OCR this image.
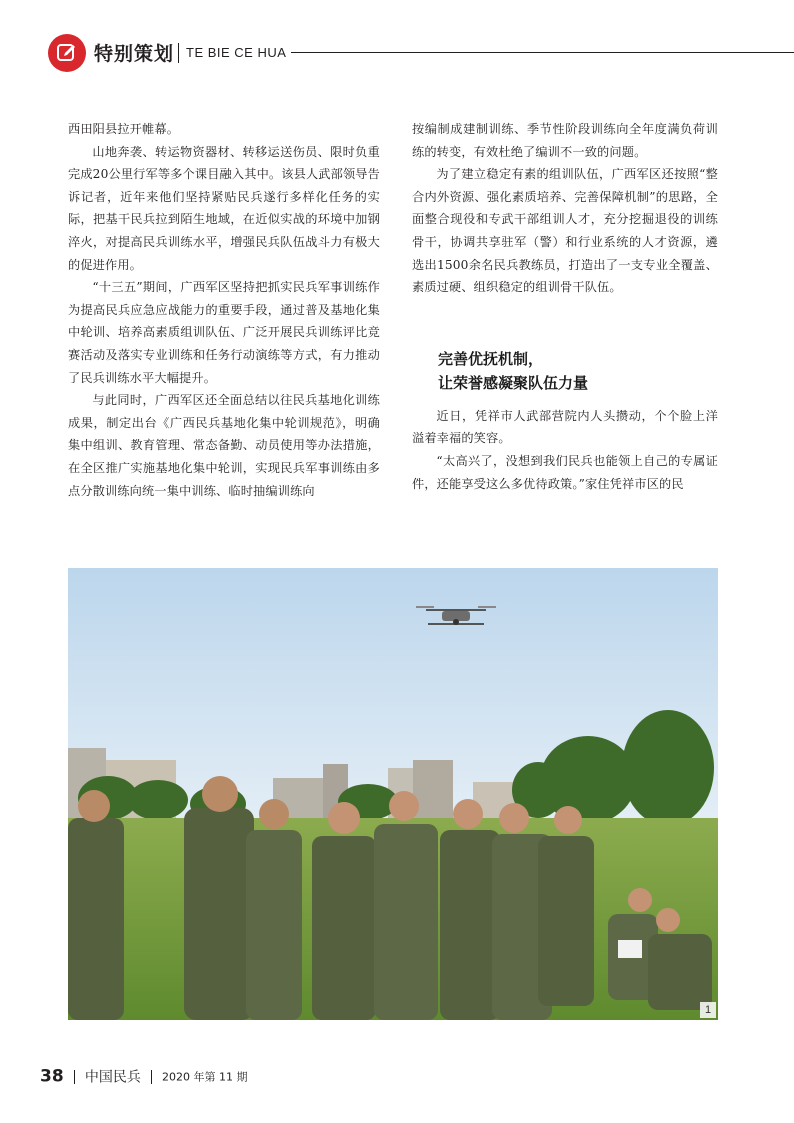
特别策划 TE BIE CE HUA

西田阳县拉开帷幕。

山地奔袭、转运物资器材、转移运送伤员、限时负重完成20公里行军等多个课目融入其中。该县人武部领导告诉记者，近年来他们坚持紧贴民兵遂行多样化任务的实际，把基干民兵拉到陌生地域，在近似实战的环境中加钢淬火，对提高民兵训练水平，增强民兵队伍战斗力有极大的促进作用。

“十三五”期间，广西军区坚持把抓实民兵军事训练作为提高民兵应急应战能力的重要手段，通过普及基地化集中轮训、培养高素质组训队伍、广泛开展民兵训练评比竞赛活动及落实专业训练和任务行动演练等方式，有力推动了民兵训练水平大幅提升。

与此同时，广西军区还全面总结以往民兵基地化训练成果，制定出台《广西民兵基地化集中轮训规范》，明确集中组训、教育管理、常态备勤、动员使用等办法措施，在全区推广实施基地化集中轮训，实现民兵军事训练由多点分散训练向统一集中训练、临时抽编训练向

按编制成建制训练、季节性阶段训练向全年度满负荷训练的转变，有效杜绝了编训不一致的问题。

为了建立稳定有素的组训队伍，广西军区还按照“整合内外资源、强化素质培养、完善保障机制”的思路，全面整合现役和专武干部组训人才，充分挖掘退役的训练骨干，协调共享驻军（警）和行业系统的人才资源，遴选出1500余名民兵教练员，打造出了一支专业全覆盖、素质过硬、组织稳定的组训骨干队伍。

完善优抚机制，
让荣誉感凝聚队伍力量

近日，凭祥市人武部营院内人头攒动，个个脸上洋溢着幸福的笑容。

“太高兴了，没想到我们民兵也能领上自己的专属证件，还能享受这么多优待政策。”家住凭祥市区的民

1
38 中国民兵 2020 年第 11 期
